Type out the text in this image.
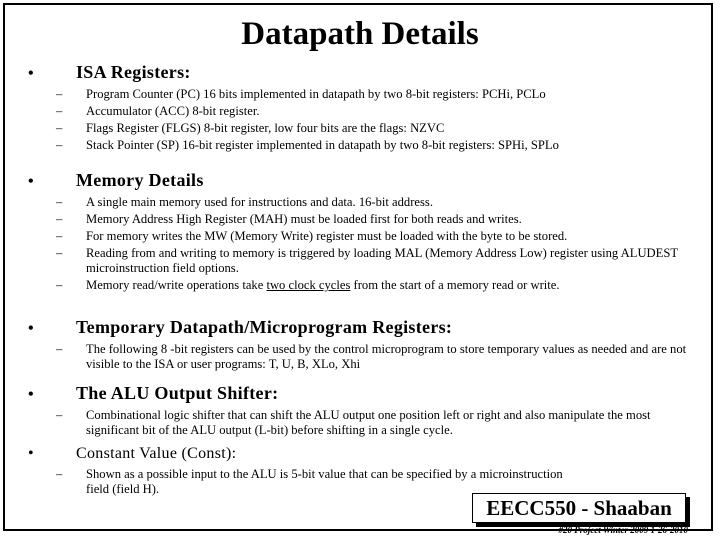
Datapath Details
•	ISA Registers:
–	Program Counter (PC) 16 bits implemented in datapath by two 8-bit registers: PCHi, PCLo
–	Accumulator (ACC) 8-bit register.
–	Flags Register (FLGS) 8-bit register, low four bits are the flags: NZVC
–	Stack Pointer (SP) 16-bit register implemented in datapath by two 8-bit registers: SPHi, SPLo
•	Memory Details
–	A single main memory used for instructions and data. 16-bit address.
–	Memory Address High Register (MAH) must be loaded first for both reads and writes.
–	For memory writes the MW (Memory Write) register must be loaded with the byte to be stored.
–	Reading from and writing to memory is triggered by loading MAL (Memory Address Low) register using ALUDEST microinstruction field options.
–	Memory read/write operations take two clock cycles from the start of a memory read or write.
•	Temporary Datapath/Microprogram Registers:
–	The following 8 -bit registers can be used by the control microprogram to store temporary values as needed and are not visible to the ISA or user programs: T, U, B, XLo, Xhi
•	The ALU Output Shifter:
–	Combinational logic shifter that can shift the ALU output one position left or right and also manipulate the most significant bit of the ALU output (L-bit) before shifting in a single cycle.
•	Constant Value (Const):
–	Shown as a possible input to the ALU is 5-bit value that can be specified by a microinstruction field (field H).
EECC550 - Shaaban
#20 Project Winter 2009 1-26-2010
